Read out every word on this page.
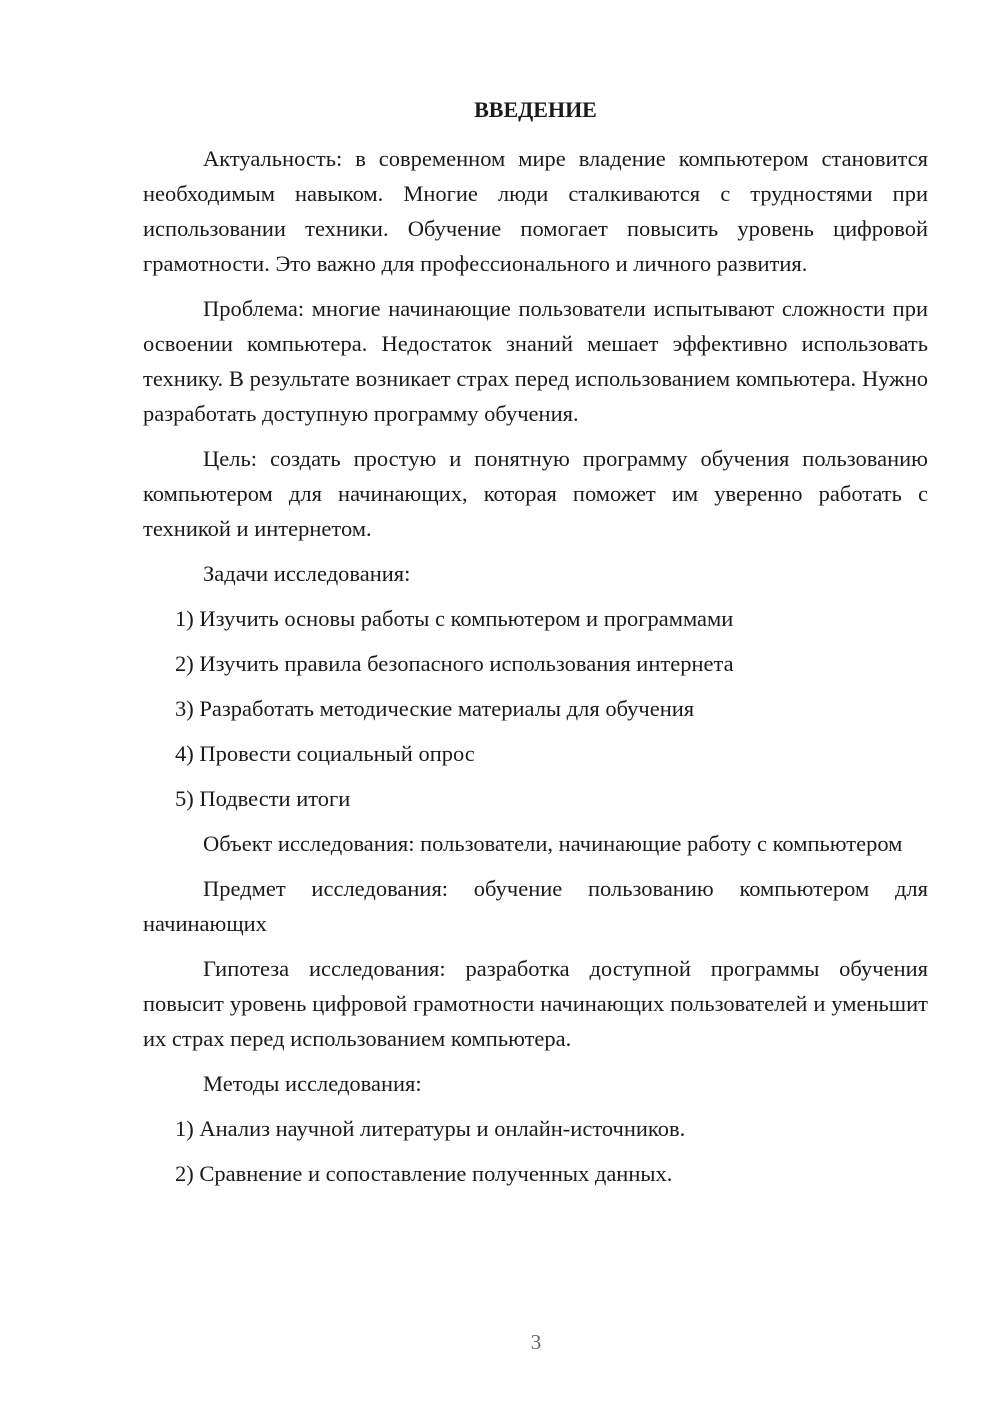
ВВЕДЕНИЕ

Актуальность: в современном мире владение компьютером становится необходимым навыком. Многие люди сталкиваются с трудностями при использовании техники. Обучение помогает повысить уровень цифровой грамотности. Это важно для профессионального и личного развития.

Проблема: многие начинающие пользователи испытывают сложности при освоении компьютера. Недостаток знаний мешает эффективно использовать технику. В результате возникает страх перед использованием компьютера. Нужно разработать доступную программу обучения.

Цель: создать простую и понятную программу обучения пользованию компьютером для начинающих, которая поможет им уверенно работать с техникой и интернетом.

Задачи исследования:
1) Изучить основы работы с компьютером и программами
2) Изучить правила безопасного использования интернета
3) Разработать методические материалы для обучения
4) Провести социальный опрос
5) Подвести итоги

Объект исследования: пользователи, начинающие работу с компьютером

Предмет исследования: обучение пользованию компьютером для начинающих

Гипотеза исследования: разработка доступной программы обучения повысит уровень цифровой грамотности начинающих пользователей и уменьшит их страх перед использованием компьютера.

Методы исследования:
1) Анализ научной литературы и онлайн-источников.
2) Сравнение и сопоставление полученных данных.
3
